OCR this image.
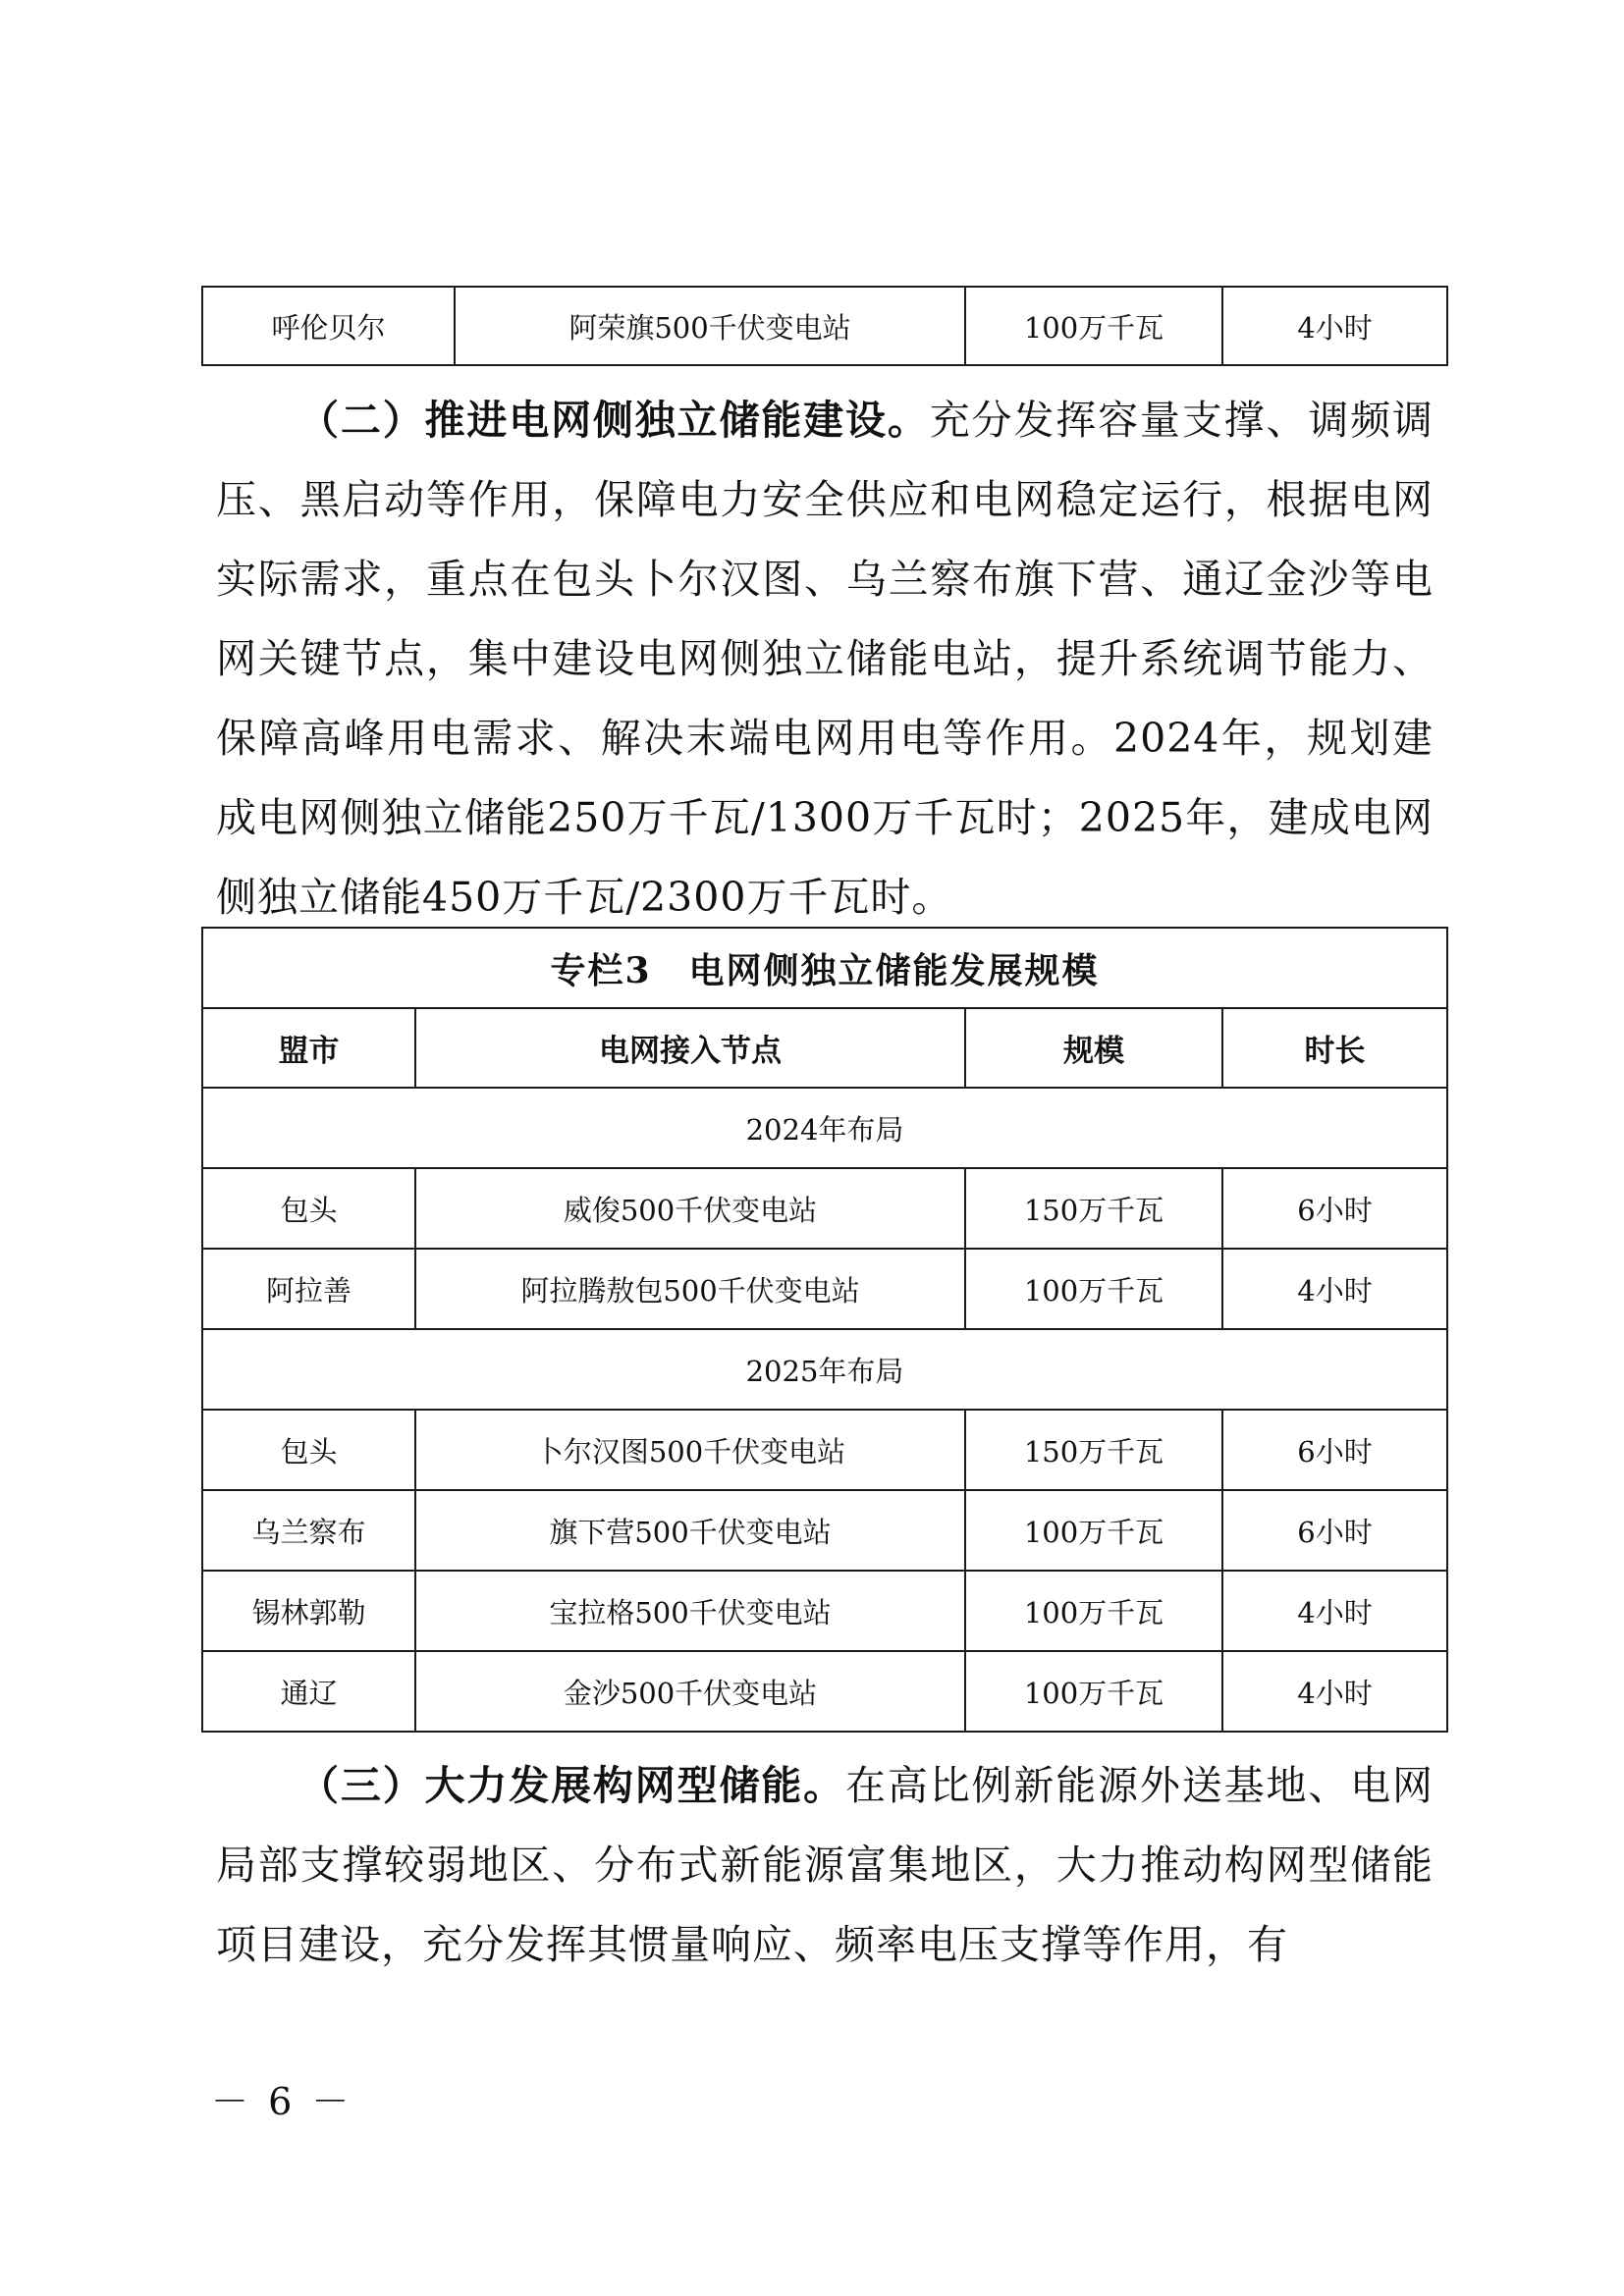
呼伦贝尔	阿荣旗500千伏变电站	100万千瓦	4小时

（二）推进电网侧独立储能建设。充分发挥容量支撑、调频调压、黑启动等作用，保障电力安全供应和电网稳定运行，根据电网实际需求，重点在包头卜尔汉图、乌兰察布旗下营、通辽金沙等电网关键节点，集中建设电网侧独立储能电站，提升系统调节能力、保障高峰用电需求、解决末端电网用电等作用。2024年，规划建成电网侧独立储能250万千瓦/1300万千瓦时；2025年，建成电网侧独立储能450万千瓦/2300万千瓦时。

专栏3　电网侧独立储能发展规模			
盟市	电网接入节点	规模	时长
2024年布局			
包头	威俊500千伏变电站	150万千瓦	6小时
阿拉善	阿拉腾敖包500千伏变电站	100万千瓦	4小时
2025年布局			
包头	卜尔汉图500千伏变电站	150万千瓦	6小时
乌兰察布	旗下营500千伏变电站	100万千瓦	6小时
锡林郭勒	宝拉格500千伏变电站	100万千瓦	4小时
通辽	金沙500千伏变电站	100万千瓦	4小时

（三）大力发展构网型储能。在高比例新能源外送基地、电网局部支撑较弱地区、分布式新能源富集地区，大力推动构网型储能项目建设，充分发挥其惯量响应、频率电压支撑等作用，有

－ 6 －
